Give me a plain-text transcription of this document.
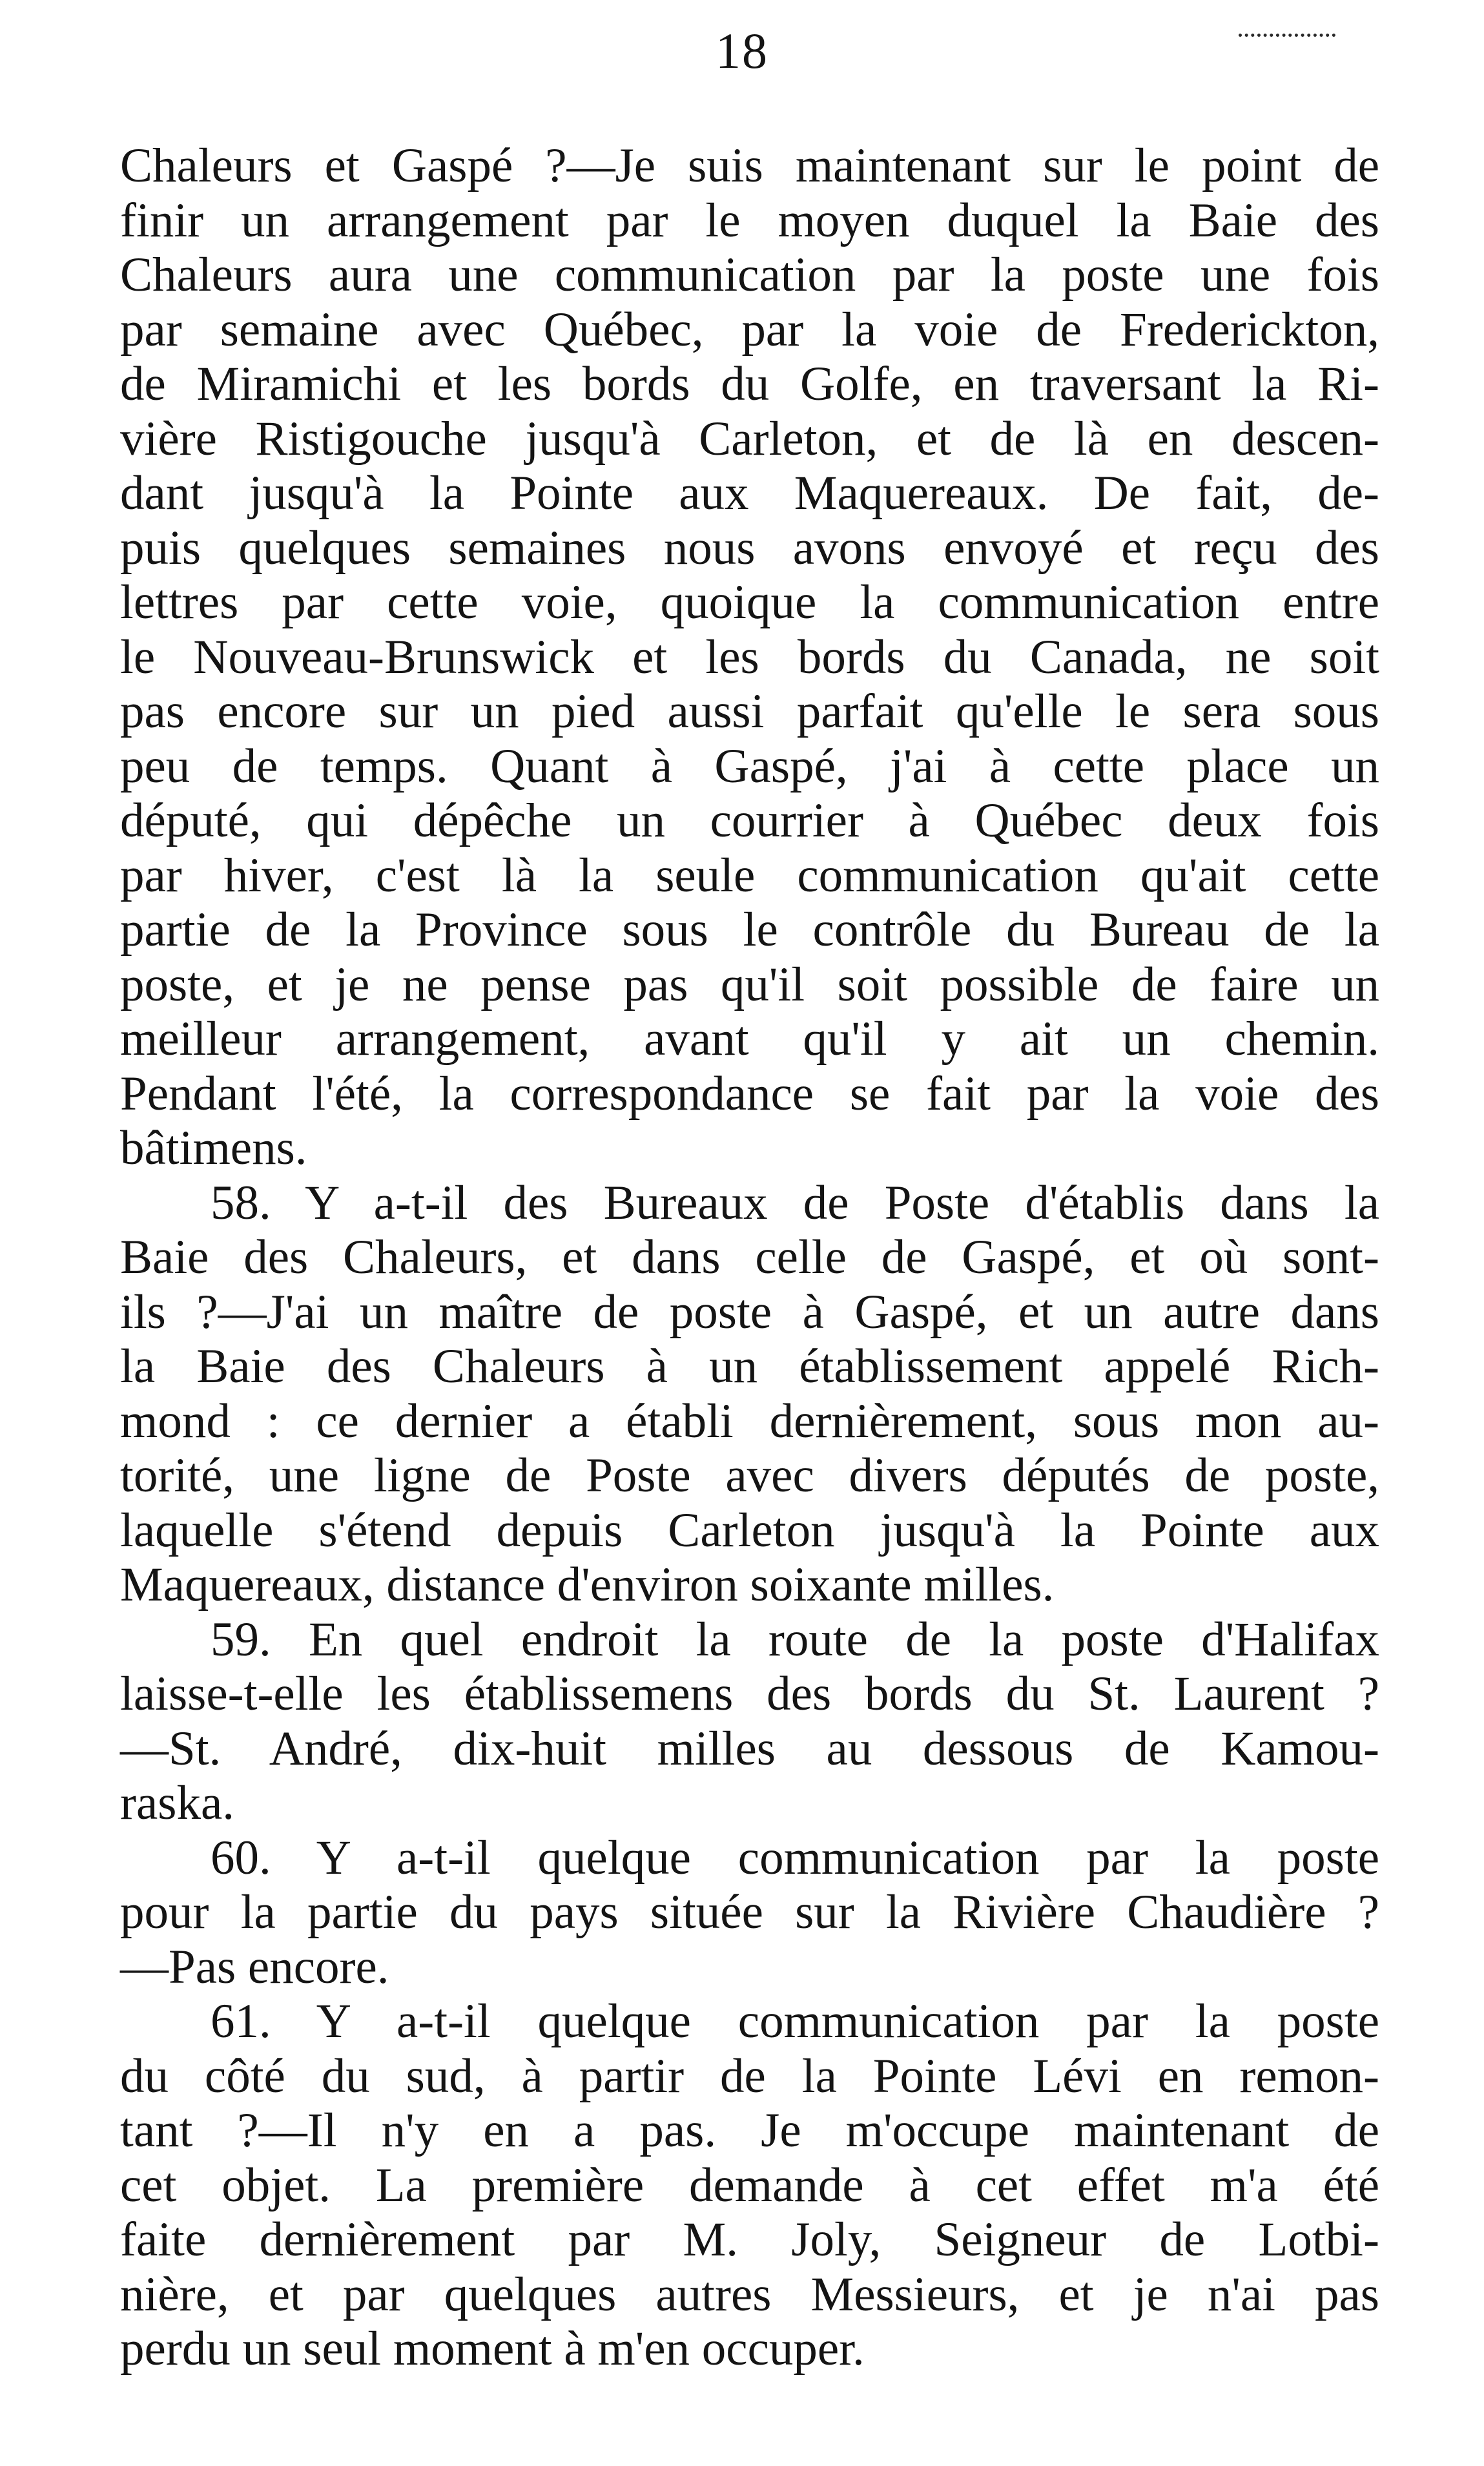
18
Chaleurs et Gaspé ?—Je suis maintenant sur le point de
finir un arrangement par le moyen duquel la Baie des
Chaleurs aura une communication par la poste une fois
par semaine avec Québec, par la voie de Frederickton,
de Miramichi et les bords du Golfe, en traversant la Ri-
vière Ristigouche jusqu'à Carleton, et de là en descen-
dant jusqu'à la Pointe aux Maquereaux. De fait, de-
puis quelques semaines nous avons envoyé et reçu des
lettres par cette voie, quoique la communication entre
le Nouveau-Brunswick et les bords du Canada, ne soit
pas encore sur un pied aussi parfait qu'elle le sera sous
peu de temps. Quant à Gaspé, j'ai à cette place un
député, qui dépêche un courrier à Québec deux fois
par hiver, c'est là la seule communication qu'ait cette
partie de la Province sous le contrôle du Bureau de la
poste, et je ne pense pas qu'il soit possible de faire un
meilleur arrangement, avant qu'il y ait un chemin.
Pendant l'été, la correspondance se fait par la voie des
bâtimens.
58. Y a-t-il des Bureaux de Poste d'établis dans la
Baie des Chaleurs, et dans celle de Gaspé, et où sont-
ils ?—J'ai un maître de poste à Gaspé, et un autre dans
la Baie des Chaleurs à un établissement appelé Rich-
mond : ce dernier a établi dernièrement, sous mon au-
torité, une ligne de Poste avec divers députés de poste,
laquelle s'étend depuis Carleton jusqu'à la Pointe aux
Maquereaux, distance d'environ soixante milles.
59. En quel endroit la route de la poste d'Halifax
laisse-t-elle les établissemens des bords du St. Laurent ?
—St. André, dix-huit milles au dessous de Kamou-
raska.
60. Y a-t-il quelque communication par la poste
pour la partie du pays située sur la Rivière Chaudière ?
—Pas encore.
61. Y a-t-il quelque communication par la poste
du côté du sud, à partir de la Pointe Lévi en remon-
tant ?—Il n'y en a pas. Je m'occupe maintenant de
cet objet. La première demande à cet effet m'a été
faite dernièrement par M. Joly, Seigneur de Lotbi-
nière, et par quelques autres Messieurs, et je n'ai pas
perdu un seul moment à m'en occuper.
